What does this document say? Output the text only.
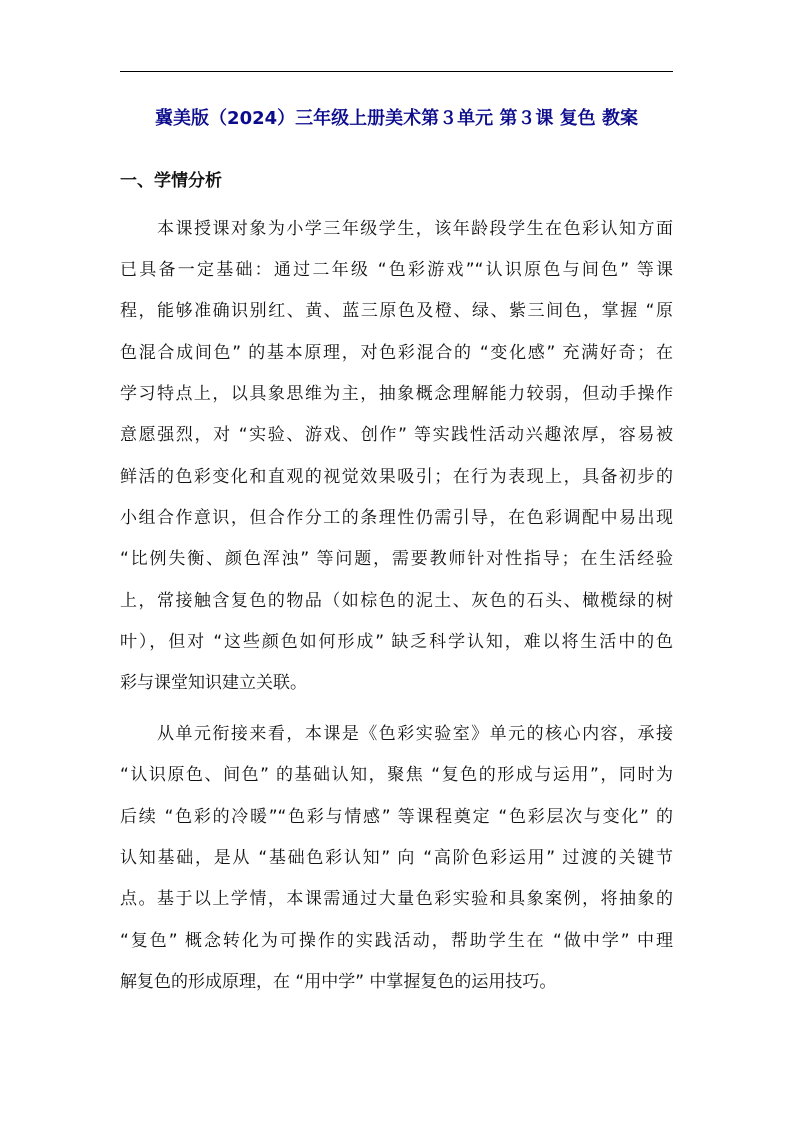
冀美版（2024）三年级上册美术第３单元 第３课 复色 教案
一、学情分析
本课授课对象为小学三年级学生，该年龄段学生在色彩认知方面
已具备一定基础：通过二年级 “色彩游戏”“认识原色与间色” 等课
程，能够准确识别红、黄、蓝三原色及橙、绿、紫三间色，掌握 “原
色混合成间色” 的基本原理，对色彩混合的 “变化感” 充满好奇；在
学习特点上，以具象思维为主，抽象概念理解能力较弱，但动手操作
意愿强烈，对 “实验、游戏、创作” 等实践性活动兴趣浓厚，容易被
鲜活的色彩变化和直观的视觉效果吸引；在行为表现上，具备初步的
小组合作意识，但合作分工的条理性仍需引导，在色彩调配中易出现
“比例失衡、颜色浑浊” 等问题，需要教师针对性指导；在生活经验
上，常接触含复色的物品（如棕色的泥土、灰色的石头、橄榄绿的树
叶），但对 “这些颜色如何形成” 缺乏科学认知，难以将生活中的色
彩与课堂知识建立关联。
从单元衔接来看，本课是《色彩实验室》单元的核心内容，承接
“认识原色、间色” 的基础认知，聚焦 “复色的形成与运用”，同时为
后续 “色彩的冷暖”“色彩与情感” 等课程奠定 “色彩层次与变化” 的
认知基础，是从 “基础色彩认知” 向 “高阶色彩运用” 过渡的关键节
点。基于以上学情，本课需通过大量色彩实验和具象案例，将抽象的
“复色” 概念转化为可操作的实践活动，帮助学生在 “做中学” 中理
解复色的形成原理，在 “用中学” 中掌握复色的运用技巧。
